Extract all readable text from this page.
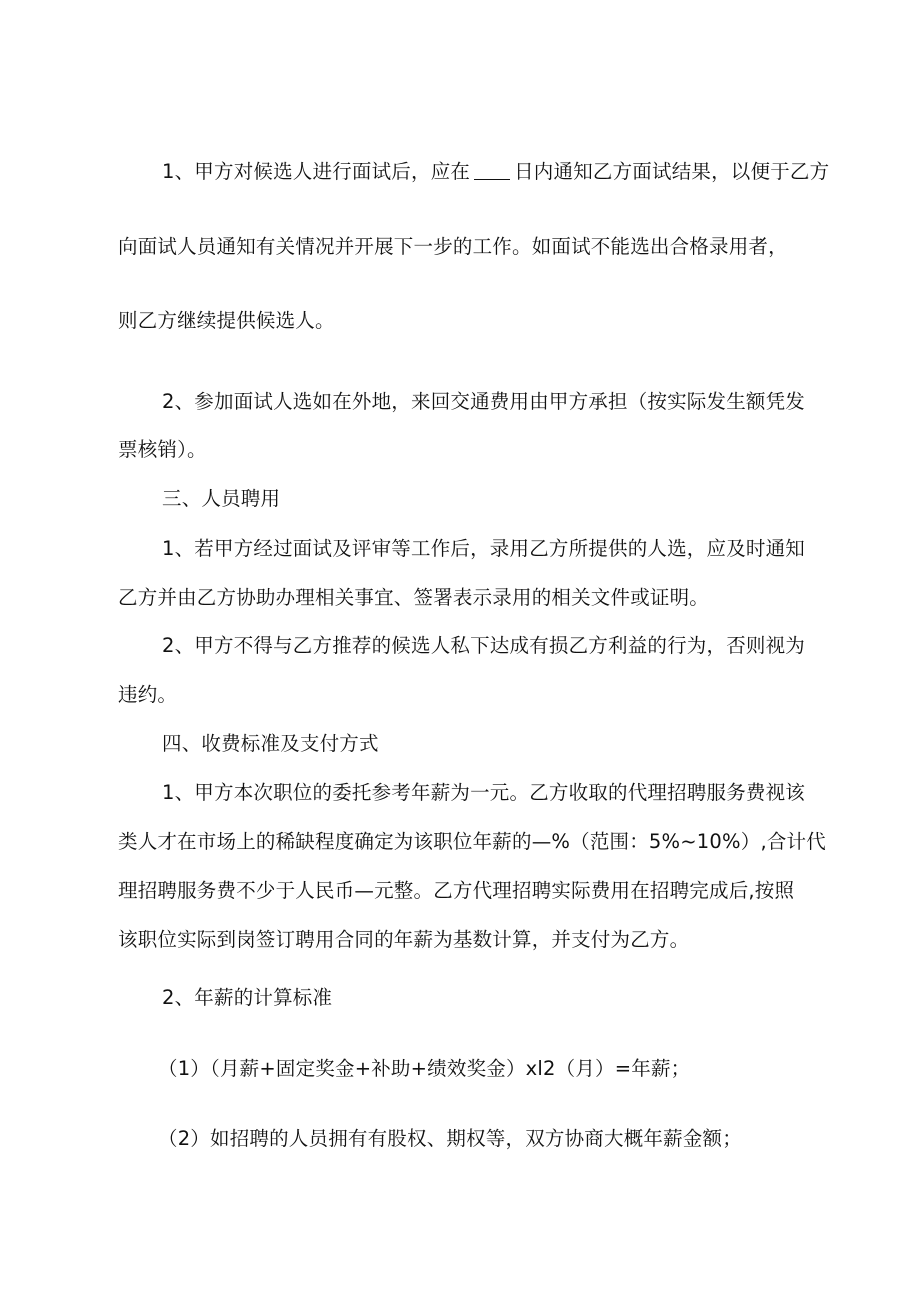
1、甲方对候选人进行面试后，应在 日内通知乙方面试结果，以便于乙方
向面试人员通知有关情况并开展下一步的工作。如面试不能选出合格录用者，
则乙方继续提供候选人。
2、参加面试人选如在外地，来回交通费用由甲方承担（按实际发生额凭发
票核销）。
三、人员聘用
1、若甲方经过面试及评审等工作后，录用乙方所提供的人选，应及时通知
乙方并由乙方协助办理相关事宜、签署表示录用的相关文件或证明。
2、甲方不得与乙方推荐的候选人私下达成有损乙方利益的行为，否则视为
违约。
四、收费标准及支付方式
1、甲方本次职位的委托参考年薪为一元。乙方收取的代理招聘服务费视该
类人才在市场上的稀缺程度确定为该职位年薪的—%（范围：5%~10%）,合计代
理招聘服务费不少于人民币—元整。乙方代理招聘实际费用在招聘完成后,按照
该职位实际到岗签订聘用合同的年薪为基数计算，并支付为乙方。
2、年薪的计算标准
（1）（月薪+固定奖金+补助+绩效奖金）xl2（月）=年薪；
（2）如招聘的人员拥有有股权、期权等，双方协商大概年薪金额；
